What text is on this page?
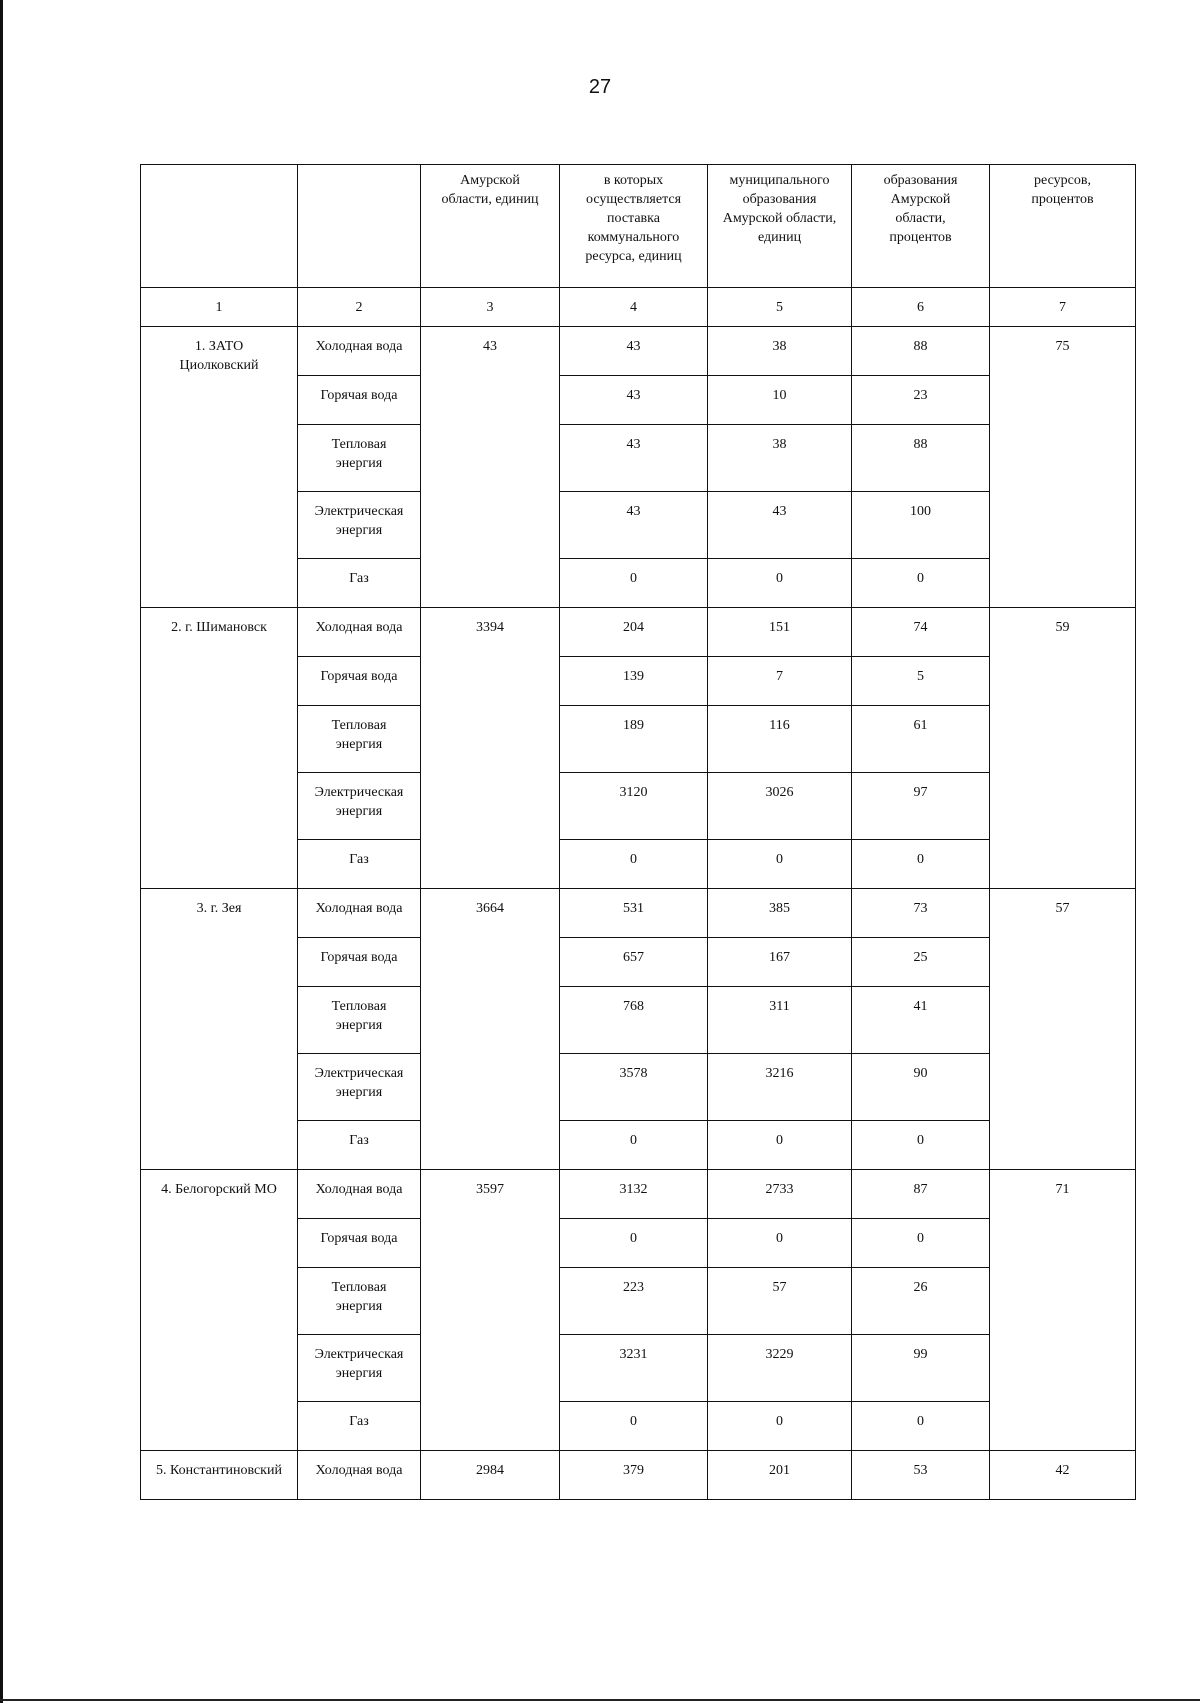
27
		Амурской
области, единиц	в которых
осуществляется
поставка
коммунального
ресурса, единиц	муниципального
образования
Амурской области,
единиц	образования
Амурской
области,
процентов	ресурсов,
процентов
1	2	3	4	5	6	7
1. ЗАТО
Циолковский	Холодная вода	43	43	38	88	75
	Горячая вода		43	10	23	
	Тепловая
энергия		43	38	88	
	Электрическая
энергия		43	43	100	
	Газ		0	0	0	
2. г. Шимановск	Холодная вода	3394	204	151	74	59
	Горячая вода		139	7	5	
	Тепловая
энергия		189	116	61	
	Электрическая
энергия		3120	3026	97	
	Газ		0	0	0	
3. г. Зея	Холодная вода	3664	531	385	73	57
	Горячая вода		657	167	25	
	Тепловая
энергия		768	311	41	
	Электрическая
энергия		3578	3216	90	
	Газ		0	0	0	
4. Белогорский МО	Холодная вода	3597	3132	2733	87	71
	Горячая вода		0	0	0	
	Тепловая
энергия		223	57	26	
	Электрическая
энергия		3231	3229	99	
	Газ		0	0	0	
5. Константиновский	Холодная вода	2984	379	201	53	42
